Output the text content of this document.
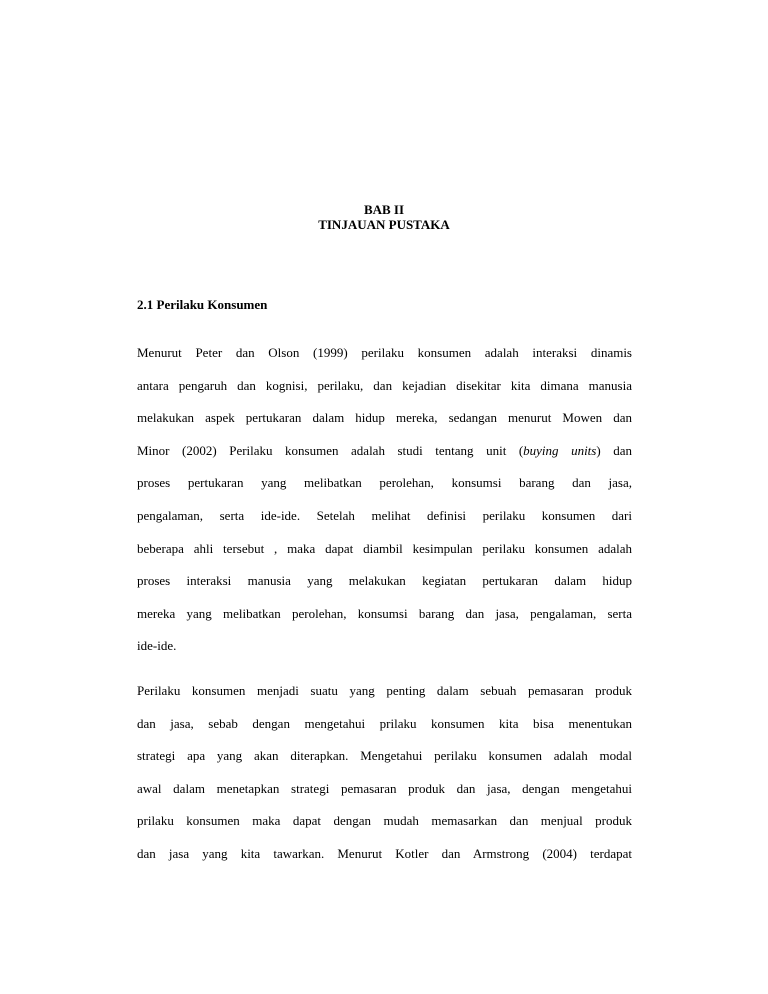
BAB II
TINJAUAN PUSTAKA
2.1 Perilaku Konsumen

Menurut Peter dan Olson (1999) perilaku konsumen adalah interaksi dinamis
antara pengaruh dan kognisi, perilaku, dan kejadian disekitar kita dimana manusia
melakukan aspek pertukaran dalam hidup mereka, sedangan menurut Mowen dan
Minor (2002) Perilaku konsumen adalah studi tentang unit (buying units) dan
proses pertukaran yang melibatkan perolehan, konsumsi barang dan jasa,
pengalaman, serta ide-ide. Setelah melihat definisi perilaku konsumen dari
beberapa ahli tersebut , maka dapat diambil kesimpulan perilaku konsumen adalah
proses interaksi manusia yang melakukan kegiatan pertukaran dalam hidup
mereka yang melibatkan perolehan, konsumsi barang dan jasa, pengalaman, serta
ide-ide.

Perilaku konsumen menjadi suatu yang penting dalam sebuah pemasaran produk
dan jasa, sebab dengan mengetahui prilaku konsumen kita bisa menentukan
strategi apa yang akan diterapkan. Mengetahui perilaku konsumen adalah modal
awal dalam menetapkan strategi pemasaran produk dan jasa, dengan mengetahui
prilaku konsumen maka dapat dengan mudah memasarkan dan menjual produk
dan jasa yang kita tawarkan. Menurut Kotler dan Armstrong (2004) terdapat
